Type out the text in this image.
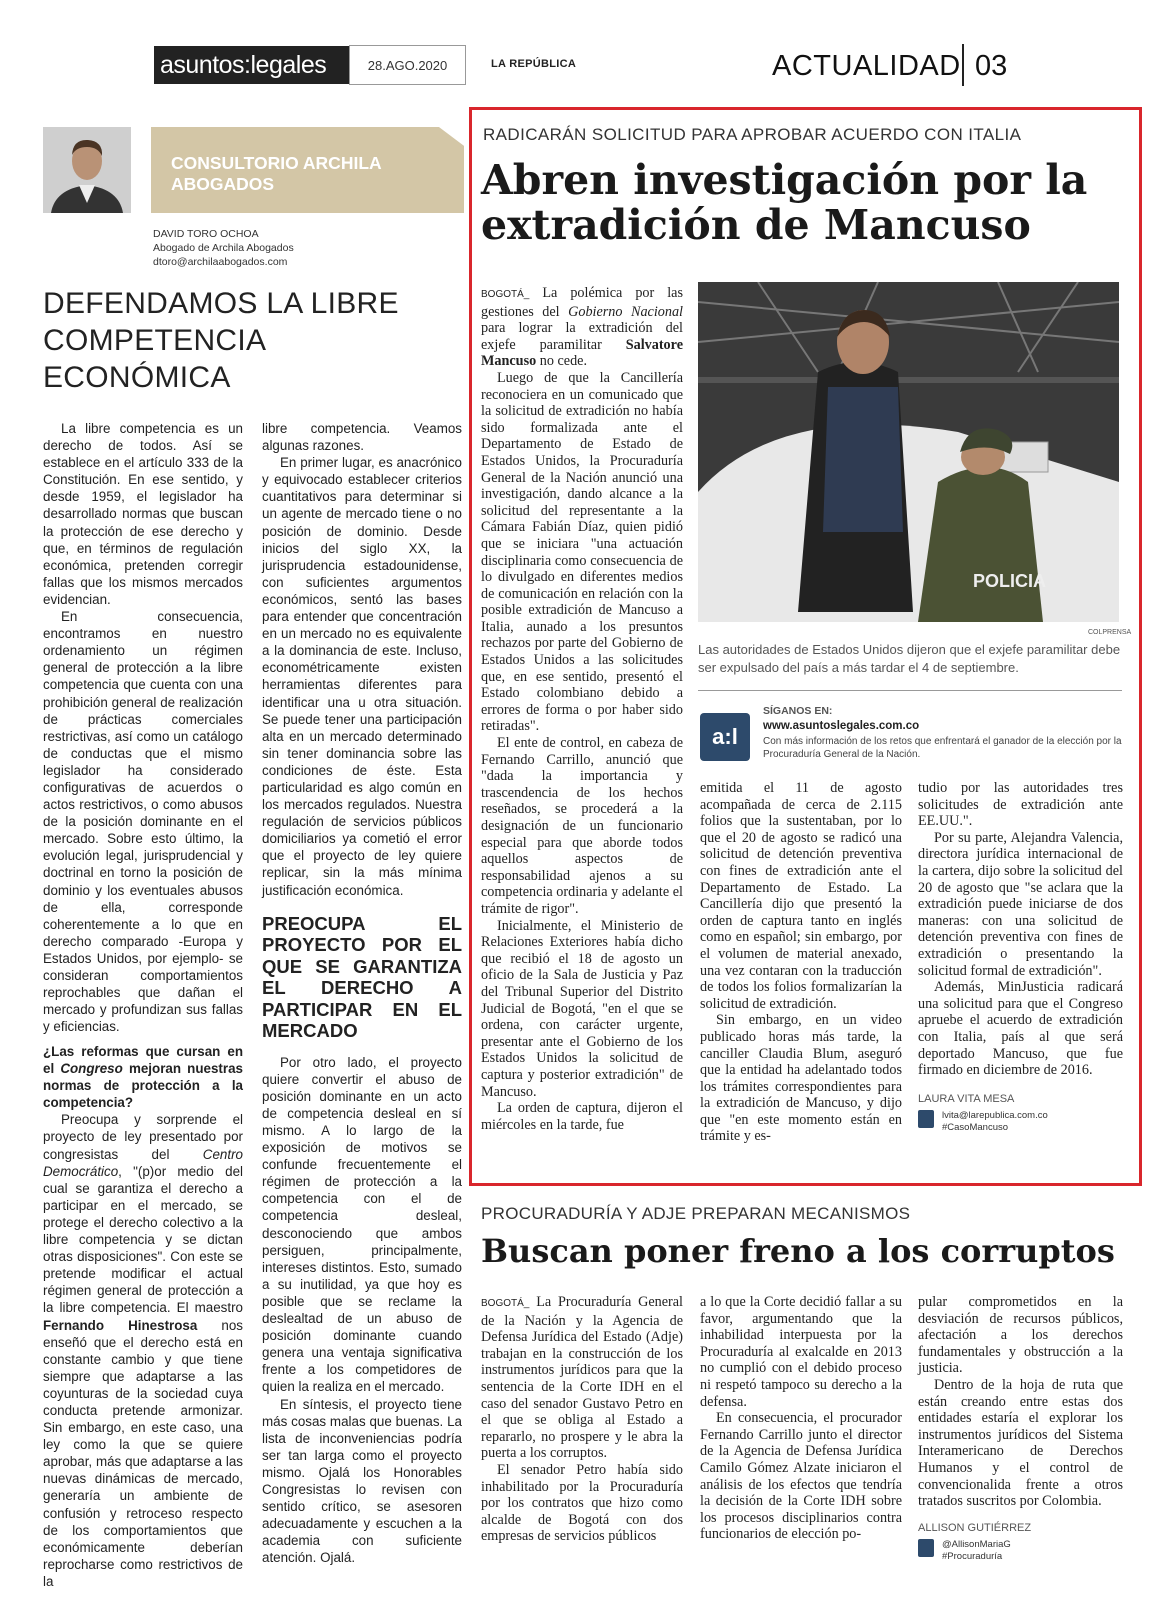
asuntos:legales	28.AGO.2020	LA REPÚBLICA	ACTUALIDAD 03
CONSULTORIO ARCHILA ABOGADOS
DAVID TORO OCHOA
Abogado de Archila Abogados
dtoro@archilaabogados.com
DEFENDAMOS LA LIBRE COMPETENCIA ECONÓMICA

La libre competencia es un derecho de todos. Así se establece en el artículo 333 de la Constitución. En ese sentido, y desde 1959, el legislador ha desarrollado normas que buscan la protección de ese derecho y que, en términos de regulación económica, pretenden corregir fallas que los mismos mercados evidencian.

En consecuencia, encontramos en nuestro ordenamiento un régimen general de protección a la libre competencia que cuenta con una prohibición general de realización de prácticas comerciales restrictivas, así como un catálogo de conductas que el mismo legislador ha considerado configurativas de acuerdos o actos restrictivos, o como abusos de la posición dominante en el mercado. Sobre esto último, la evolución legal, jurisprudencial y doctrinal en torno la posición de dominio y los eventuales abusos de ella, corresponde coherentemente a lo que en derecho comparado -Europa y Estados Unidos, por ejemplo- se consideran comportamientos reprochables que dañan el mercado y profundizan sus fallas y eficiencias.

¿Las reformas que cursan en el Congreso mejoran nuestras normas de protección a la competencia?

Preocupa y sorprende el proyecto de ley presentado por congresistas del Centro Democrático, "(p)or medio del cual se garantiza el derecho a participar en el mercado, se protege el derecho colectivo a la libre competencia y se dictan otras disposiciones". Con este se pretende modificar el actual régimen general de protección a la libre competencia. El maestro Fernando Hinestrosa nos enseñó que el derecho está en constante cambio y que tiene siempre que adaptarse a las coyunturas de la sociedad cuya conducta pretende armonizar. Sin embargo, en este caso, una ley como la que se quiere aprobar, más que adaptarse a las nuevas dinámicas de mercado, generaría un ambiente de confusión y retroceso respecto de los comportamientos que económicamente deberían reprocharse como restrictivos de la

libre competencia. Veamos algunas razones.

En primer lugar, es anacrónico y equivocado establecer criterios cuantitativos para determinar si un agente de mercado tiene o no posición de dominio. Desde inicios del siglo XX, la jurisprudencia estadounidense, con suficientes argumentos económicos, sentó las bases para entender que concentración en un mercado no es equivalente a la dominancia de este. Incluso, econométricamente existen herramientas diferentes para identificar una u otra situación. Se puede tener una participación alta en un mercado determinado sin tener dominancia sobre las condiciones de éste. Esta particularidad es algo común en los mercados regulados. Nuestra regulación de servicios públicos domiciliarios ya cometió el error que el proyecto de ley quiere replicar, sin la más mínima justificación económica.

PREOCUPA EL PROYECTO POR EL QUE SE GARANTIZA EL DERECHO A PARTICIPAR EN EL MERCADO

Por otro lado, el proyecto quiere convertir el abuso de posición dominante en un acto de competencia desleal en sí mismo. A lo largo de la exposición de motivos se confunde frecuentemente el régimen de protección a la competencia con el de competencia desleal, desconociendo que ambos persiguen, principalmente, intereses distintos. Esto, sumado a su inutilidad, ya que hoy es posible que se reclame la deslealtad de un abuso de posición dominante cuando genera una ventaja significativa frente a los competidores de quien la realiza en el mercado.

En síntesis, el proyecto tiene más cosas malas que buenas. La lista de inconveniencias podría ser tan larga como el proyecto mismo. Ojalá los Honorables Congresistas lo revisen con sentido crítico, se asesoren adecuadamente y escuchen a la academia con suficiente atención. Ojalá.

RADICARÁN SOLICITUD PARA APROBAR ACUERDO CON ITALIA
Abren investigación por la extradición de Mancuso

BOGOTÁ_ La polémica por las gestiones del Gobierno Nacional para lograr la extradición del exjefe paramilitar Salvatore Mancuso no cede.

Luego de que la Cancillería reconociera en un comunicado que la solicitud de extradición no había sido formalizada ante el Departamento de Estado de Estados Unidos, la Procuraduría General de la Nación anunció una investigación, dando alcance a la solicitud del representante a la Cámara Fabián Díaz, quien pidió que se iniciara "una actuación disciplinaria como consecuencia de lo divulgado en diferentes medios de comunicación en relación con la posible extradición de Mancuso a Italia, aunado a los presuntos rechazos por parte del Gobierno de Estados Unidos a las solicitudes que, en ese sentido, presentó el Estado colombiano debido a errores de forma o por haber sido retiradas".

El ente de control, en cabeza de Fernando Carrillo, anunció que "dada la importancia y trascendencia de los hechos reseñados, se procederá a la designación de un funcionario especial para que aborde todos aquellos aspectos de responsabilidad ajenos a su competencia ordinaria y adelante el trámite de rigor".

Inicialmente, el Ministerio de Relaciones Exteriores había dicho que recibió el 18 de agosto un oficio de la Sala de Justicia y Paz del Tribunal Superior del Distrito Judicial de Bogotá, "en el que se ordena, con carácter urgente, presentar ante el Gobierno de los Estados Unidos la solicitud de captura y posterior extradición" de Mancuso.

La orden de captura, dijeron el miércoles en la tarde, fue

POLICIA
COLPRENSA
Las autoridades de Estados Unidos dijeron que el exjefe paramilitar debe ser expulsado del país a más tardar el 4 de septiembre.
a:l
SÍGANOS EN:
www.asuntoslegales.com.co
Con más información de los retos que enfrentará el ganador de la elección por la Procuraduría General de la Nación.
emitida el 11 de agosto acompañada de cerca de 2.115 folios que la sustentaban, por lo que el 20 de agosto se radicó una solicitud de detención preventiva con fines de extradición ante el Departamento de Estado. La Cancillería dijo que presentó la orden de captura tanto en inglés como en español; sin embargo, por el volumen de material anexado, una vez contaran con la traducción de todos los folios formalizarían la solicitud de extradición.

Sin embargo, en un video publicado horas más tarde, la canciller Claudia Blum, aseguró que la entidad ha adelantado todos los trámites correspondientes para la extradición de Mancuso, y dijo que "en este momento están en trámite y es-

tudio por las autoridades tres solicitudes de extradición ante EE.UU.".

Por su parte, Alejandra Valencia, directora jurídica internacional de la cartera, dijo sobre la solicitud del 20 de agosto que "se aclara que la extradición puede iniciarse de dos maneras: con una solicitud de detención preventiva con fines de extradición o presentando la solicitud formal de extradición".

Además, MinJusticia radicará una solicitud para que el Congreso apruebe el acuerdo de extradición con Italia, país al que será deportado Mancuso, que fue firmado en diciembre de 2016.

LAURA VITA MESA
lvita@larepublica.com.co
#CasoMancuso
PROCURADURÍA Y ADJE PREPARAN MECANISMOS
Buscan poner freno a los corruptos

BOGOTÁ_ La Procuraduría General de la Nación y la Agencia de Defensa Jurídica del Estado (Adje) trabajan en la construcción de los instrumentos jurídicos para que la sentencia de la Corte IDH en el caso del senador Gustavo Petro en el que se obliga al Estado a repararlo, no prospere y le abra la puerta a los corruptos.

El senador Petro había sido inhabilitado por la Procuraduría por los contratos que hizo como alcalde de Bogotá con dos empresas de servicios públicos

a lo que la Corte decidió fallar a su favor, argumentando que la inhabilidad interpuesta por la Procuraduría al exalcalde en 2013 no cumplió con el debido proceso ni respetó tampoco su derecho a la defensa.

En consecuencia, el procurador Fernando Carrillo junto el director de la Agencia de Defensa Jurídica Camilo Gómez Alzate iniciaron el análisis de los efectos que tendría la decisión de la Corte IDH sobre los procesos disciplinarios contra funcionarios de elección po-

pular comprometidos en la desviación de recursos públicos, afectación a los derechos fundamentales y obstrucción a la justicia.

Dentro de la hoja de ruta que están creando entre estas dos entidades estaría el explorar los instrumentos jurídicos del Sistema Interamericano de Derechos Humanos y el control de convencionalida frente a otros tratados suscritos por Colombia.

ALLISON GUTIÉRREZ
@AllisonMariaG
#Procuraduría
